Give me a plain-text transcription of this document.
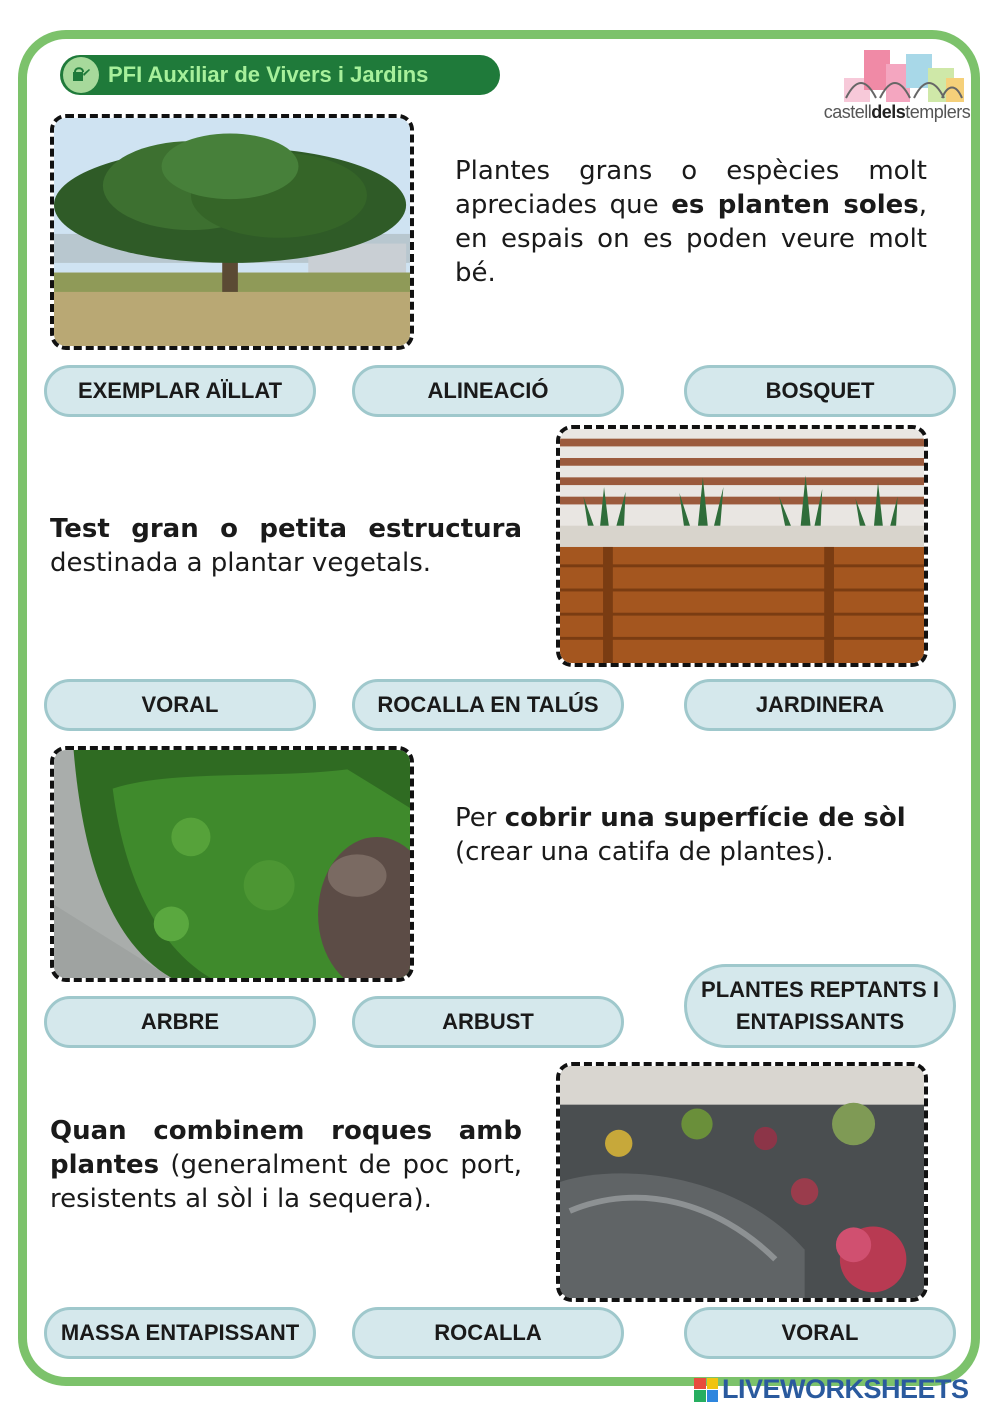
PFI Auxiliar de Vivers i Jardins
castelldelstemplers
Plantes grans o espècies molt apreciades que es planten soles, en espais on es poden veure molt bé.
EXEMPLAR AÏLLAT	ALINEACIÓ	BOSQUET
Test gran o petita estructura destinada a plantar vegetals.
VORAL	ROCALLA EN TALÚS	JARDINERA
Per cobrir una superfície de sòl (crear una catifa de plantes).
ARBRE	ARBUST
PLANTES REPTANTS I ENTAPISSANTS
Quan combinem roques amb plantes (generalment de poc port, resistents al sòl i la sequera).
MASSA ENTAPISSANT	ROCALLA	VORAL
LIVEWORKSHEETS
